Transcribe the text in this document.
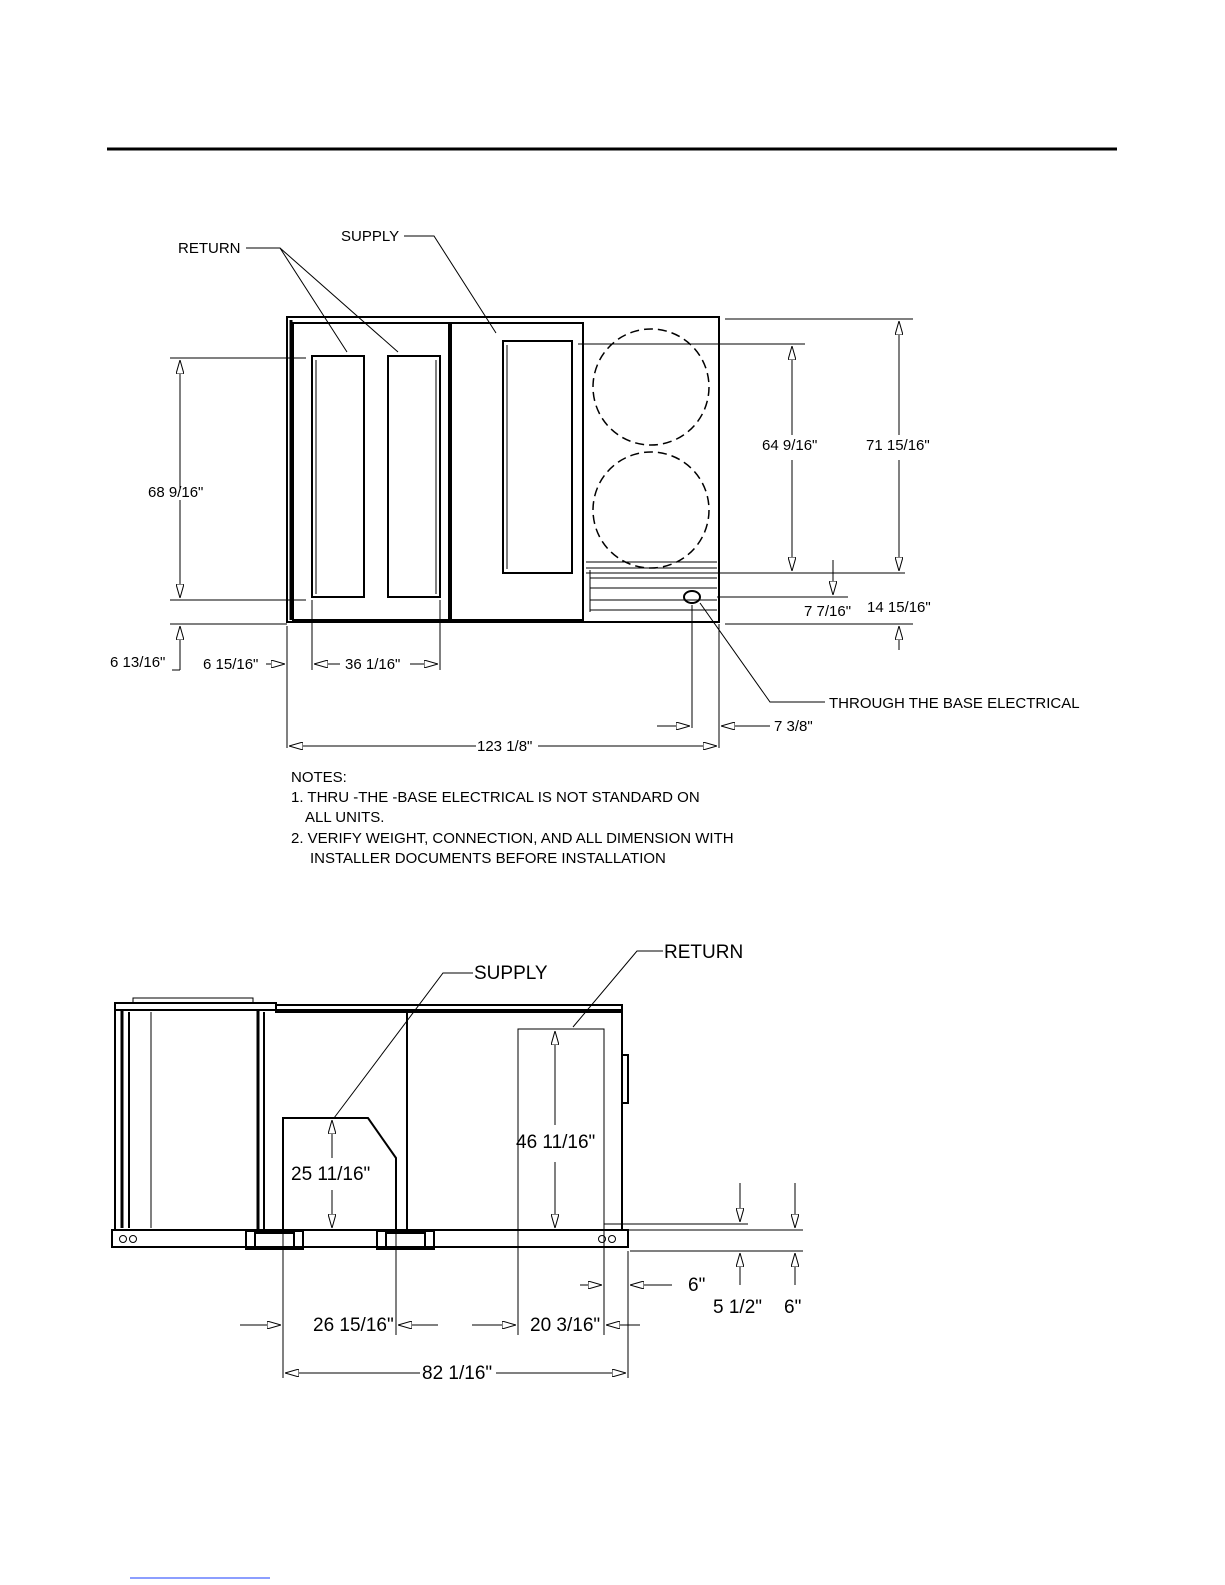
RETURN
SUPPLY
THROUGH THE BASE ELECTRICAL
68 9/16"
6 13/16"
64 9/16"	71 15/16"
7 7/16" 14 15/16"
6 15/16"	36 1/16"
123 1/8"
7 3/8"
NOTES:
1. THRU -THE -BASE ELECTRICAL IS NOT STANDARD ON
ALL UNITS.
2. VERIFY WEIGHT, CONNECTION, AND ALL DIMENSION WITH
INSTALLER DOCUMENTS BEFORE INSTALLATION
SUPPLY
RETURN
25 11/16"
46 11/16"
5 1/2" 6"
6"
26 15/16"	20 3/16"
82 1/16"
